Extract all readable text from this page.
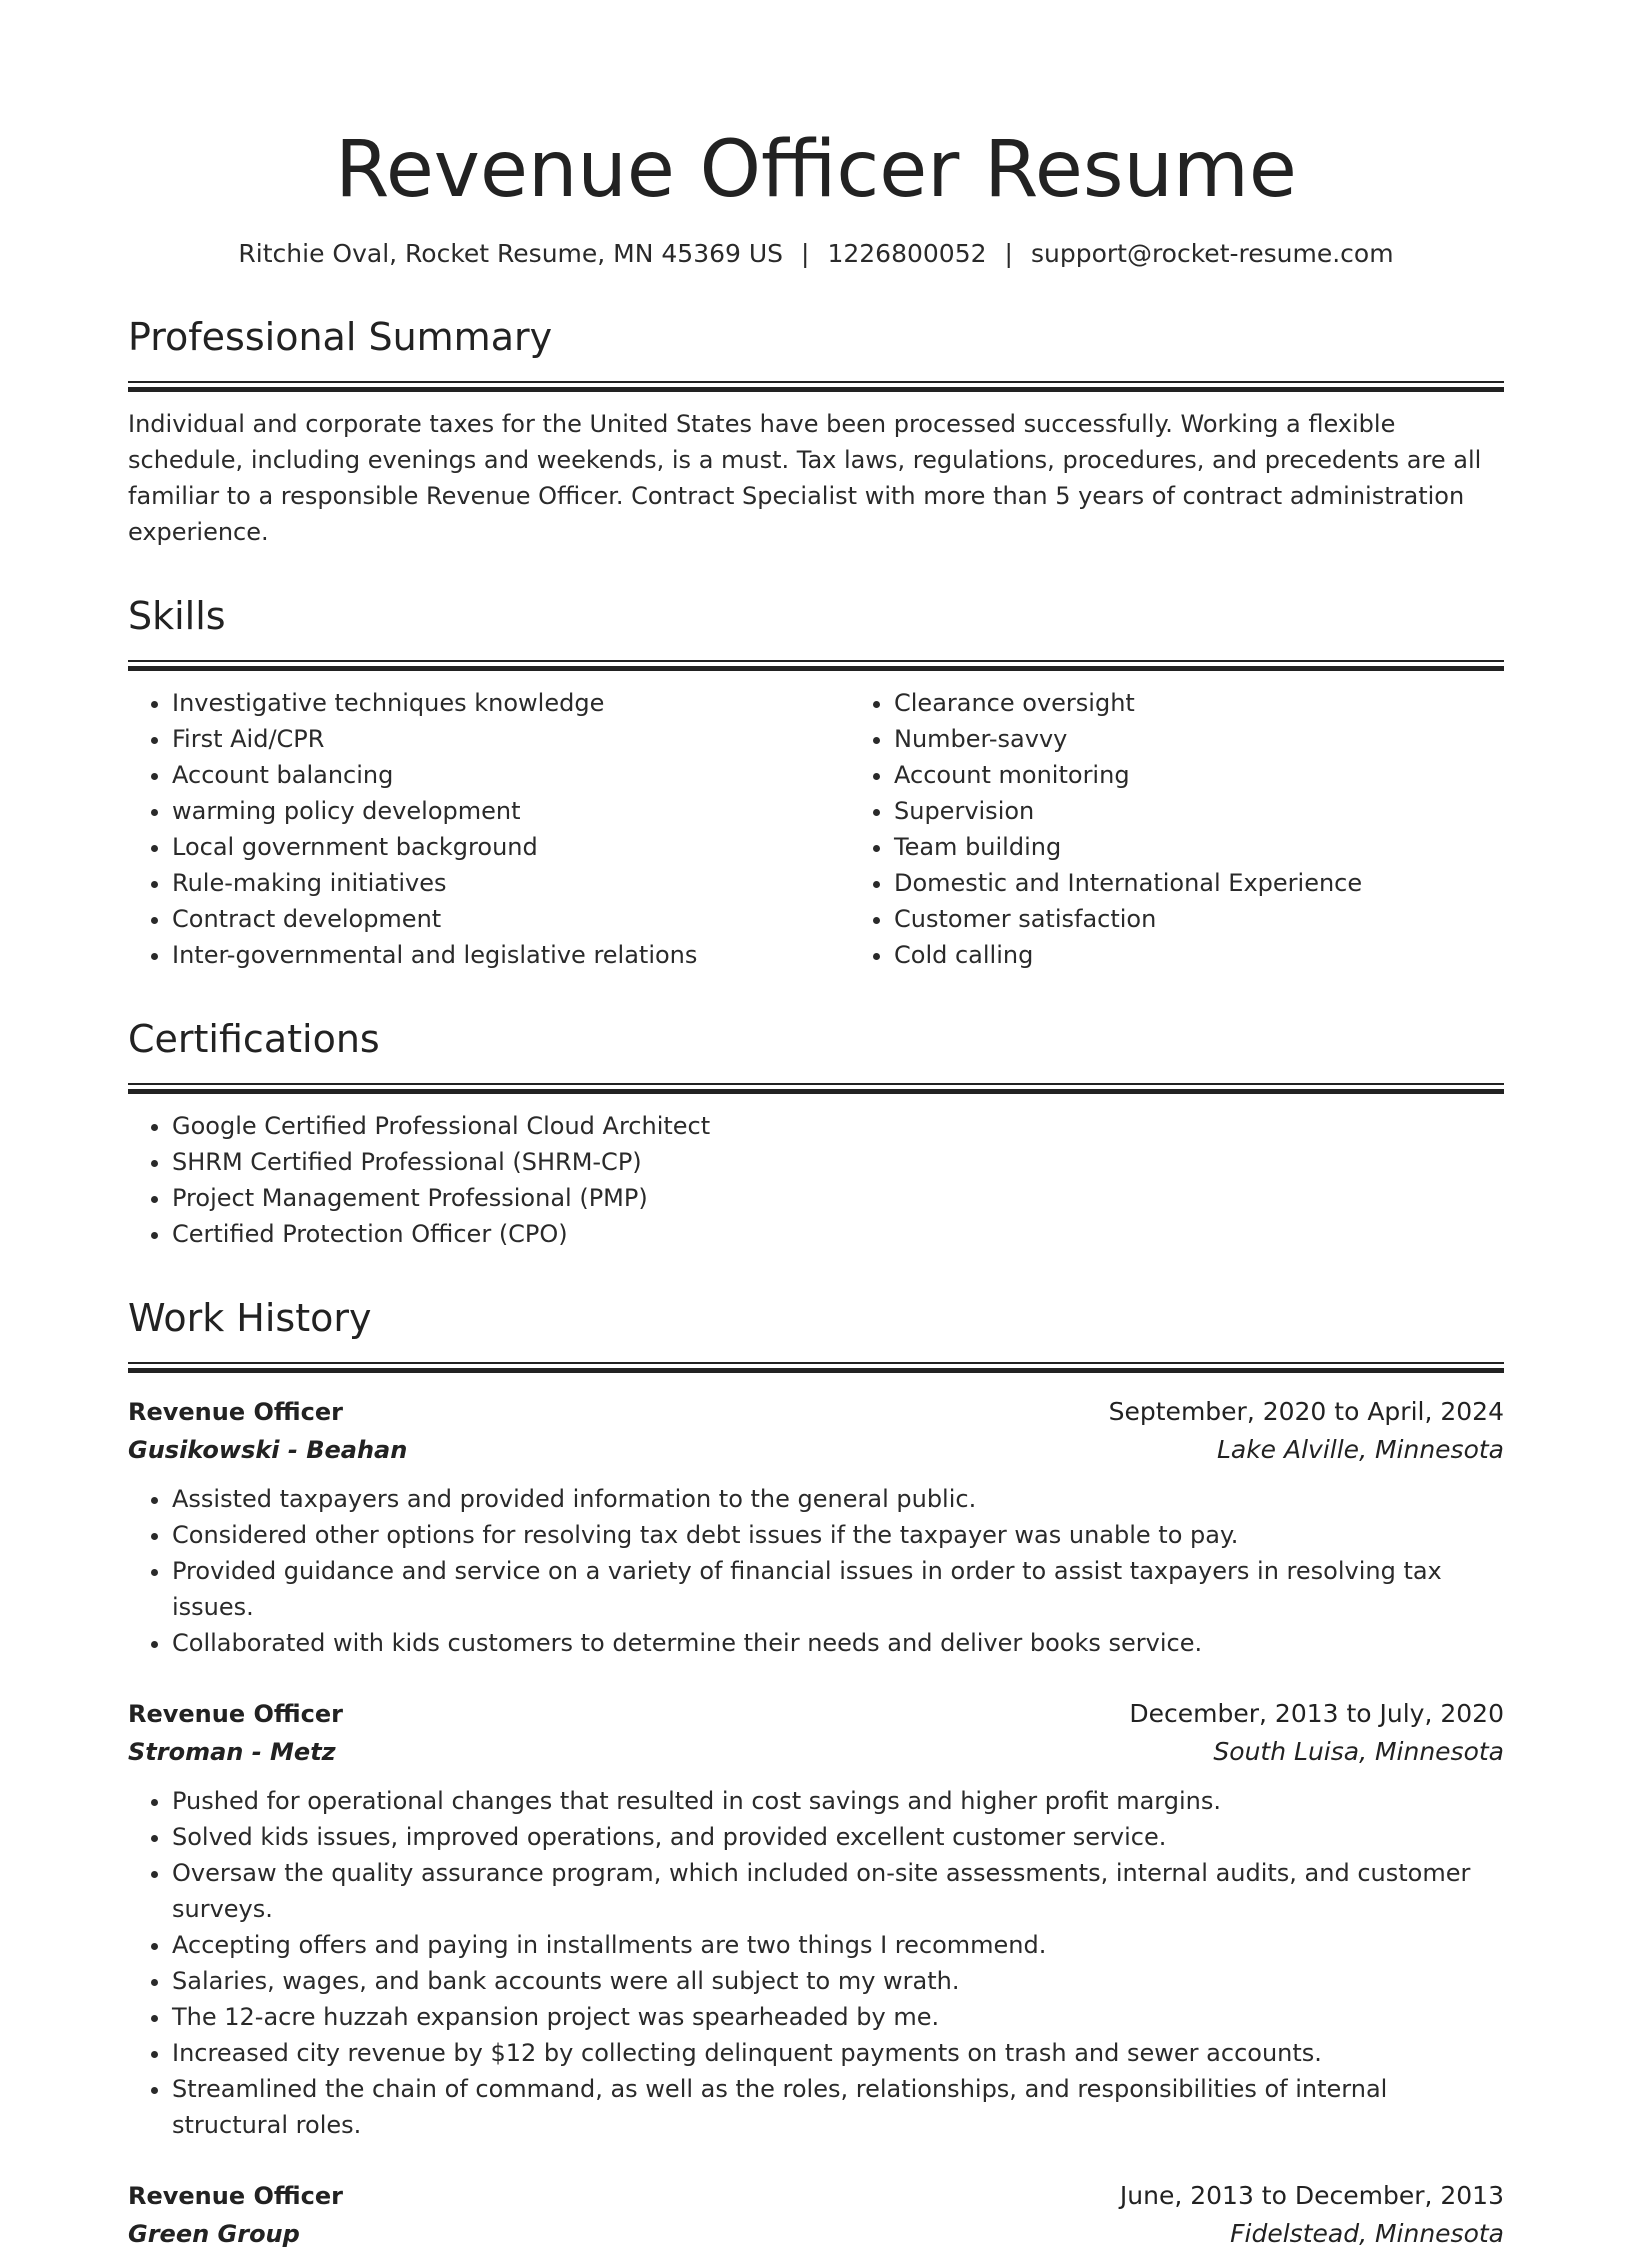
Revenue Officer Resume
Ritchie Oval, Rocket Resume, MN 45369 US | 1226800052 | support@rocket-resume.com
Professional Summary

Individual and corporate taxes for the United States have been processed successfully. Working a flexible schedule, including evenings and weekends, is a must. Tax laws, regulations, procedures, and precedents are all familiar to a responsible Revenue Officer. Contract Specialist with more than 5 years of contract administration experience.

Skills
• Investigative techniques knowledge
• First Aid/CPR
• Account balancing
• warming policy development
• Local government background
• Rule-making initiatives
• Contract development
• Inter-governmental and legislative relations
• Clearance oversight
• Number-savvy
• Account monitoring
• Supervision
• Team building
• Domestic and International Experience
• Customer satisfaction
• Cold calling
Certifications
• Google Certified Professional Cloud Architect
• SHRM Certified Professional (SHRM-CP)
• Project Management Professional (PMP)
• Certified Protection Officer (CPO)
Work History
Revenue Officer	September, 2020 to April, 2024
Gusikowski - Beahan	Lake Alville, Minnesota
• Assisted taxpayers and provided information to the general public.
• Considered other options for resolving tax debt issues if the taxpayer was unable to pay.
• Provided guidance and service on a variety of financial issues in order to assist taxpayers in resolving tax issues.
• Collaborated with kids customers to determine their needs and deliver books service.
Revenue Officer	December, 2013 to July, 2020
Stroman - Metz	South Luisa, Minnesota
• Pushed for operational changes that resulted in cost savings and higher profit margins.
• Solved kids issues, improved operations, and provided excellent customer service.
• Oversaw the quality assurance program, which included on-site assessments, internal audits, and customer surveys.
• Accepting offers and paying in installments are two things I recommend.
• Salaries, wages, and bank accounts were all subject to my wrath.
• The 12-acre huzzah expansion project was spearheaded by me.
• Increased city revenue by $12 by collecting delinquent payments on trash and sewer accounts.
• Streamlined the chain of command, as well as the roles, relationships, and responsibilities of internal structural roles.
Revenue Officer	June, 2013 to December, 2013
Green Group	Fidelstead, Minnesota
